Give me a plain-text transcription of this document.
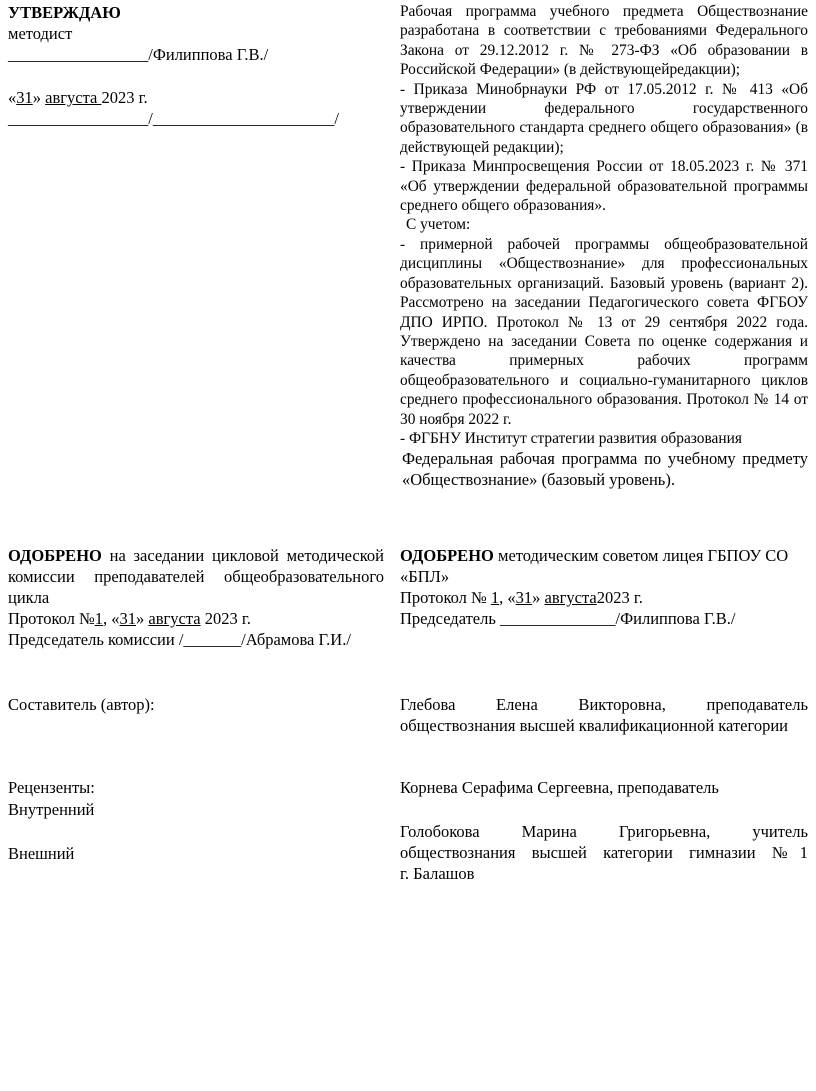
УТВЕРЖДАЮ
методист
_________________/Филиппова Г.В./
«31» августа 2023 г.
_________________/______________________/

Рабочая программа учебного предмета Обществознание разработана в соответствии с требованиями Федерального Закона от 29.12.2012 г. № 273-ФЗ «Об образовании в Российской Федерации» (в действующейредакции);

- Приказа Минобрнауки РФ от 17.05.2012 г. № 413 «Об утверждении федерального государственного образовательного стандарта среднего общего образования» (в действующей редакции);

- Приказа Минпросвещения России от 18.05.2023 г. № 371 «Об утверждении федеральной образовательной программы среднего общего образования».

С учетом:

- примерной рабочей программы общеобразовательной дисциплины «Обществознание» для профессиональных образовательных организаций. Базовый уровень (вариант 2). Рассмотрено на заседании Педагогического совета ФГБОУ ДПО ИРПО. Протокол № 13 от 29 сентября 2022 года. Утверждено на заседании Совета по оценке содержания и качества примерных рабочих программ общеобразовательного и социально-гуманитарного циклов среднего профессионального образования. Протокол № 14 от 30 ноября 2022 г.

- ФГБНУ Институт стратегии развития образования

Федеральная рабочая программа по учебному предмету «Обществознание» (базовый уровень).

ОДОБРЕНО на заседании цикловой методической комиссии преподавателей общеобразовательного цикла
Протокол №1, «31» августа 2023 г.
Председатель комиссии /_______/Абрамова Г.И./
ОДОБРЕНО методическим советом лицея ГБПОУ СО «БПЛ»
Протокол № 1, «31» августа2023 г.
Председатель ______________/Филиппова Г.В./
Составитель (автор):	Глебова Елена Викторовна, преподаватель обществознания высшей квалификационной категории
Рецензенты:	Корнева Серафима Сергеевна, преподаватель
Внутренний
Голобокова Марина Григорьевна, учитель обществознания высшей категории гимназии №1
г. Балашов
Внешний
